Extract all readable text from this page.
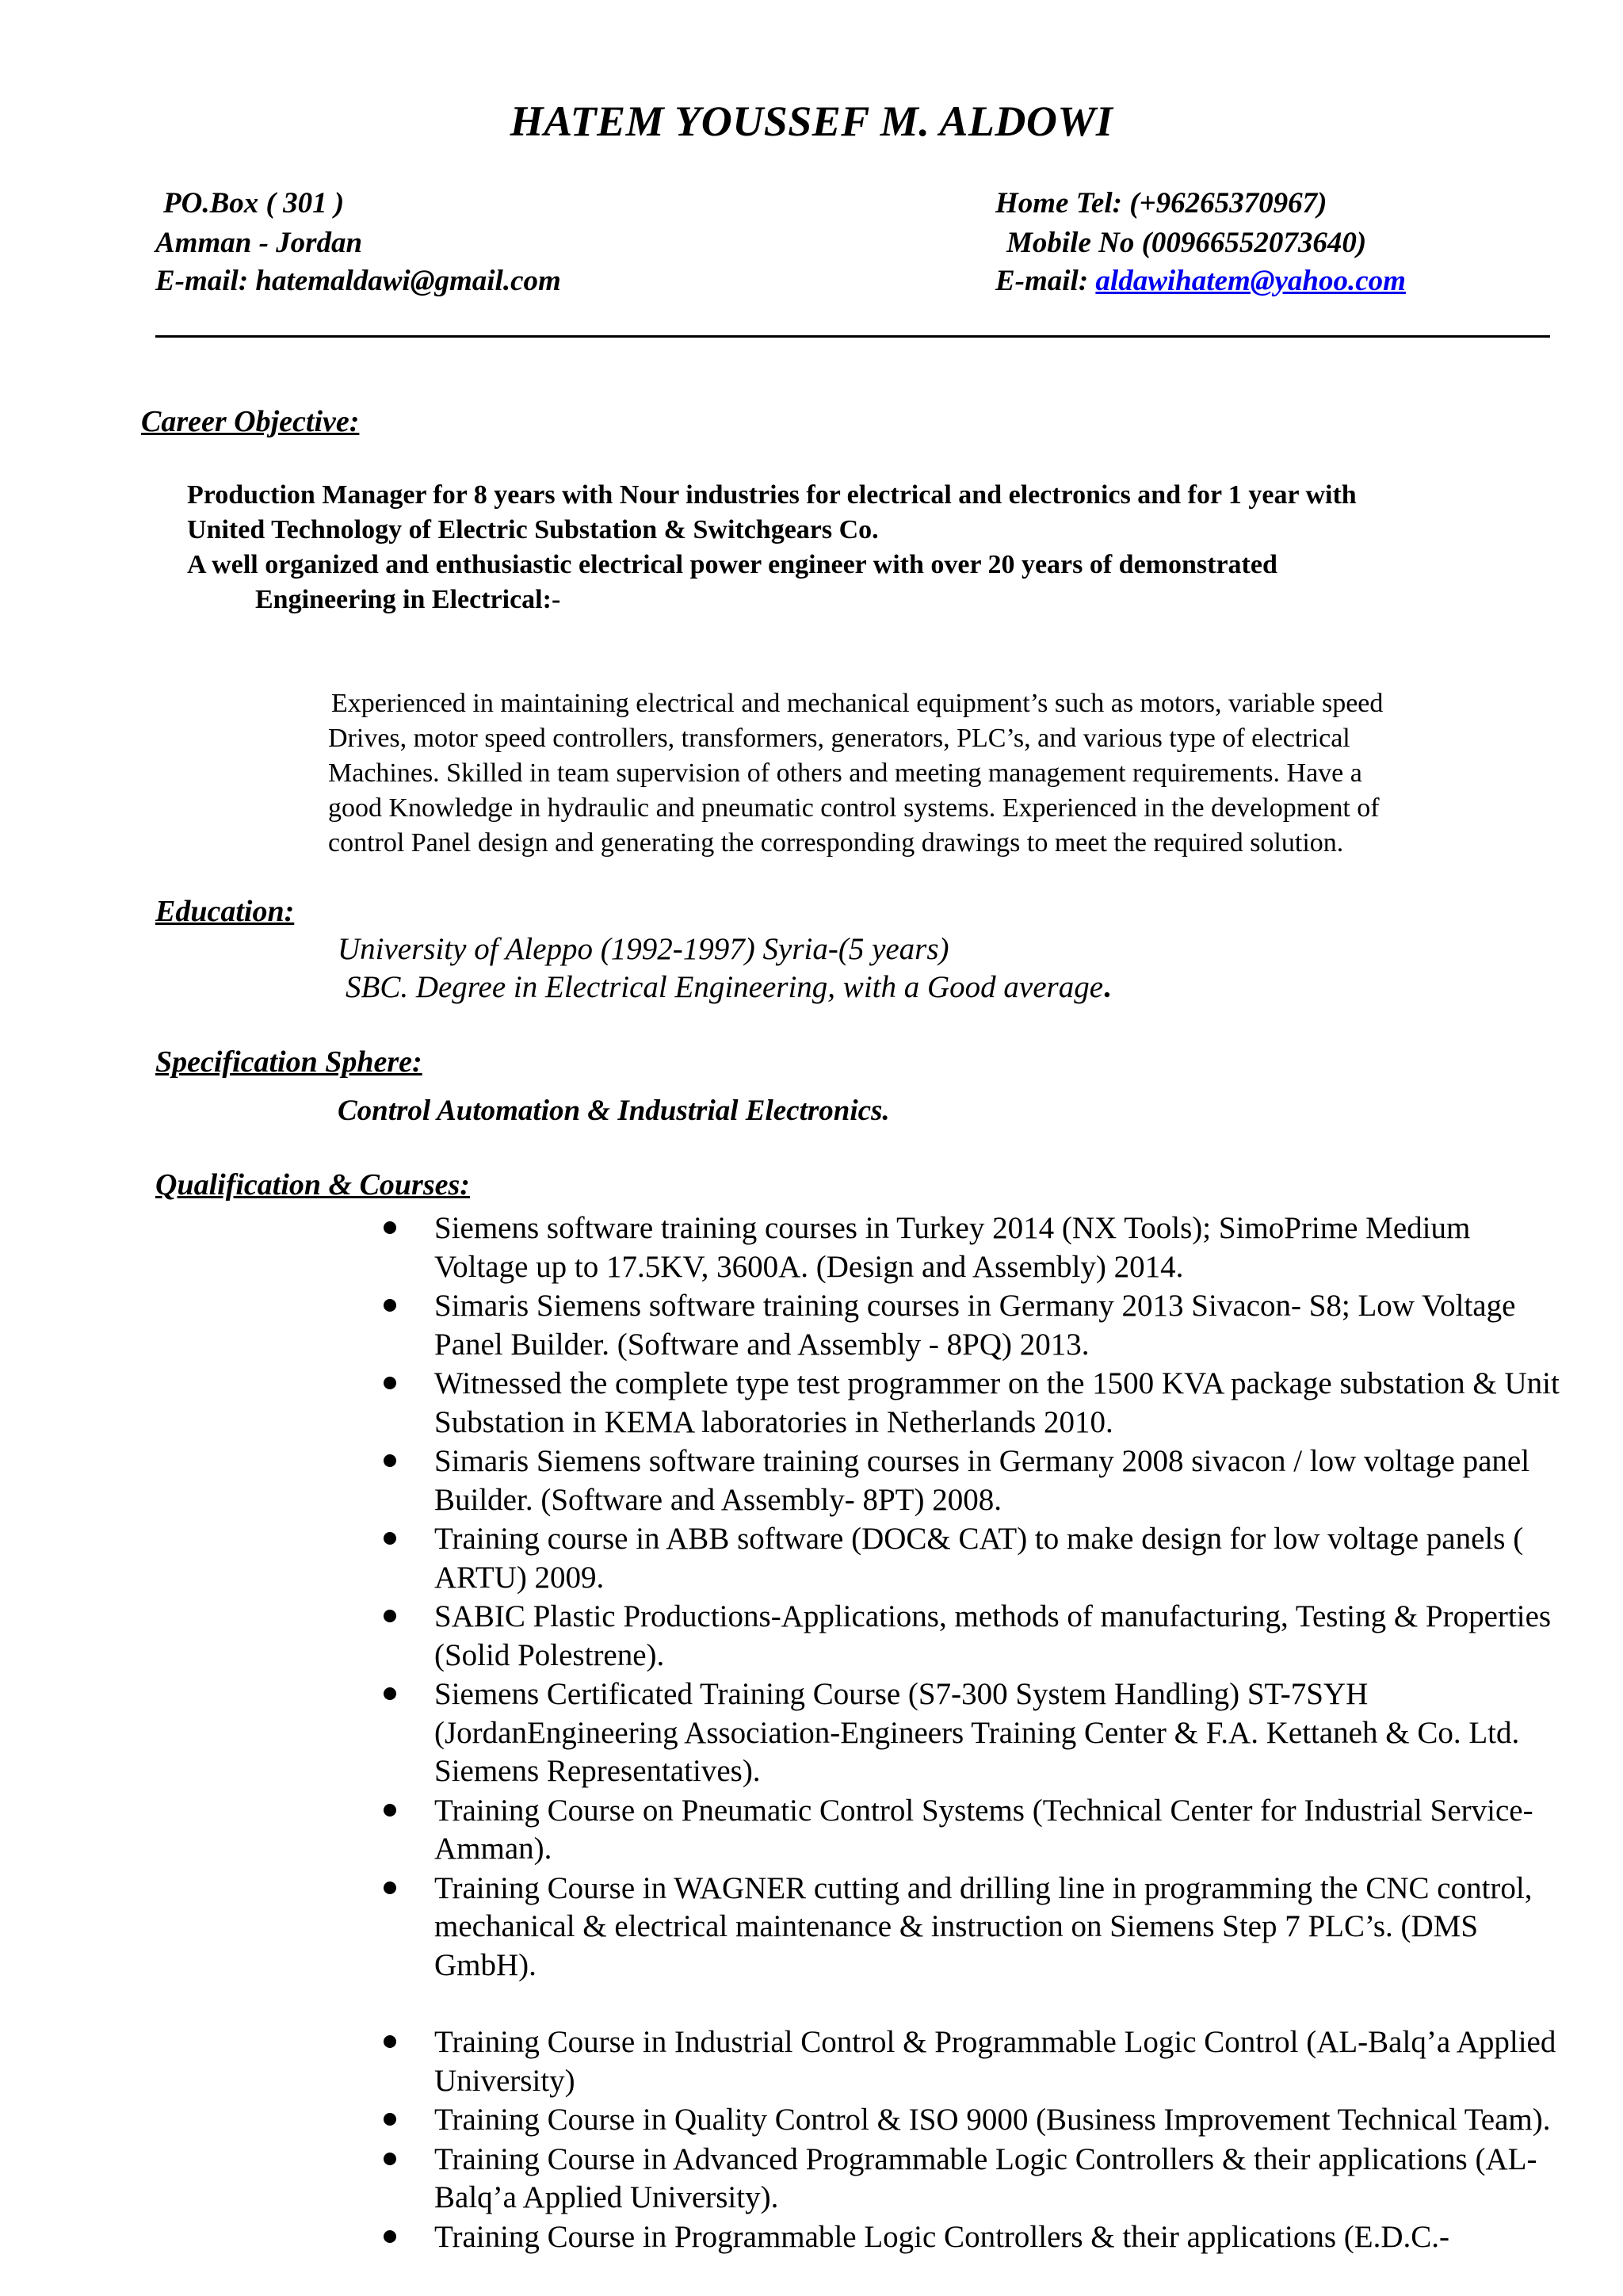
HATEM YOUSSEF M. ALDOWI
PO.Box ( 301 )
Amman - Jordan
E-mail: hatemaldawi@gmail.com
Home Tel: (+96265370967)
Mobile No (00966552073640)
E-mail: aldawihatem@yahoo.com
Career Objective:
Production Manager for 8 years with Nour industries for electrical and electronics and for 1 year with
United Technology of Electric Substation & Switchgears Co.
A well organized and enthusiastic electrical power engineer with over 20 years of demonstrated
Engineering in Electrical:-
Experienced in maintaining electrical and mechanical equipment’s such as motors, variable speed
Drives, motor speed controllers, transformers, generators, PLC’s, and various type of electrical
Machines. Skilled in team supervision of others and meeting management requirements. Have a
good Knowledge in hydraulic and pneumatic control systems. Experienced in the development of
control Panel design and generating the corresponding drawings to meet the required solution.
Education:
University of Aleppo (1992-1997) Syria-(5 years)
SBC. Degree in Electrical Engineering, with a Good average.
Specification Sphere:
Control Automation & Industrial Electronics.
Qualification & Courses:
Siemens software training courses in Turkey 2014 (NX Tools); SimoPrime Medium Voltage up to 17.5KV, 3600A. (Design and Assembly) 2014.
Simaris Siemens software training courses in Germany 2013 Sivacon- S8; Low Voltage Panel Builder. (Software and Assembly - 8PQ) 2013.
Witnessed the complete type test programmer on the 1500 KVA package substation & Unit Substation in KEMA laboratories in Netherlands 2010.
Simaris Siemens software training courses in Germany 2008 sivacon / low voltage panel Builder. (Software and Assembly- 8PT) 2008.
Training course in ABB software (DOC& CAT) to make design for low voltage panels ( ARTU) 2009.
SABIC Plastic Productions-Applications, methods of manufacturing, Testing & Properties (Solid Polestrene).
Siemens Certificated Training Course (S7-300 System Handling) ST-7SYH (JordanEngineering Association-Engineers Training Center & F.A. Kettaneh & Co. Ltd. Siemens Representatives).
Training Course on Pneumatic Control Systems (Technical Center for Industrial Service-Amman).
Training Course in WAGNER cutting and drilling line in programming the CNC control, mechanical & electrical maintenance & instruction on Siemens Step 7 PLC’s. (DMS GmbH).
Training Course in Industrial Control & Programmable Logic Control (AL-Balq’a Applied University)
Training Course in Quality Control & ISO 9000 (Business Improvement Technical Team).
Training Course in Advanced Programmable Logic Controllers & their applications (AL-Balq’a Applied University).
Training Course in Programmable Logic Controllers & their applications (E.D.C.-
